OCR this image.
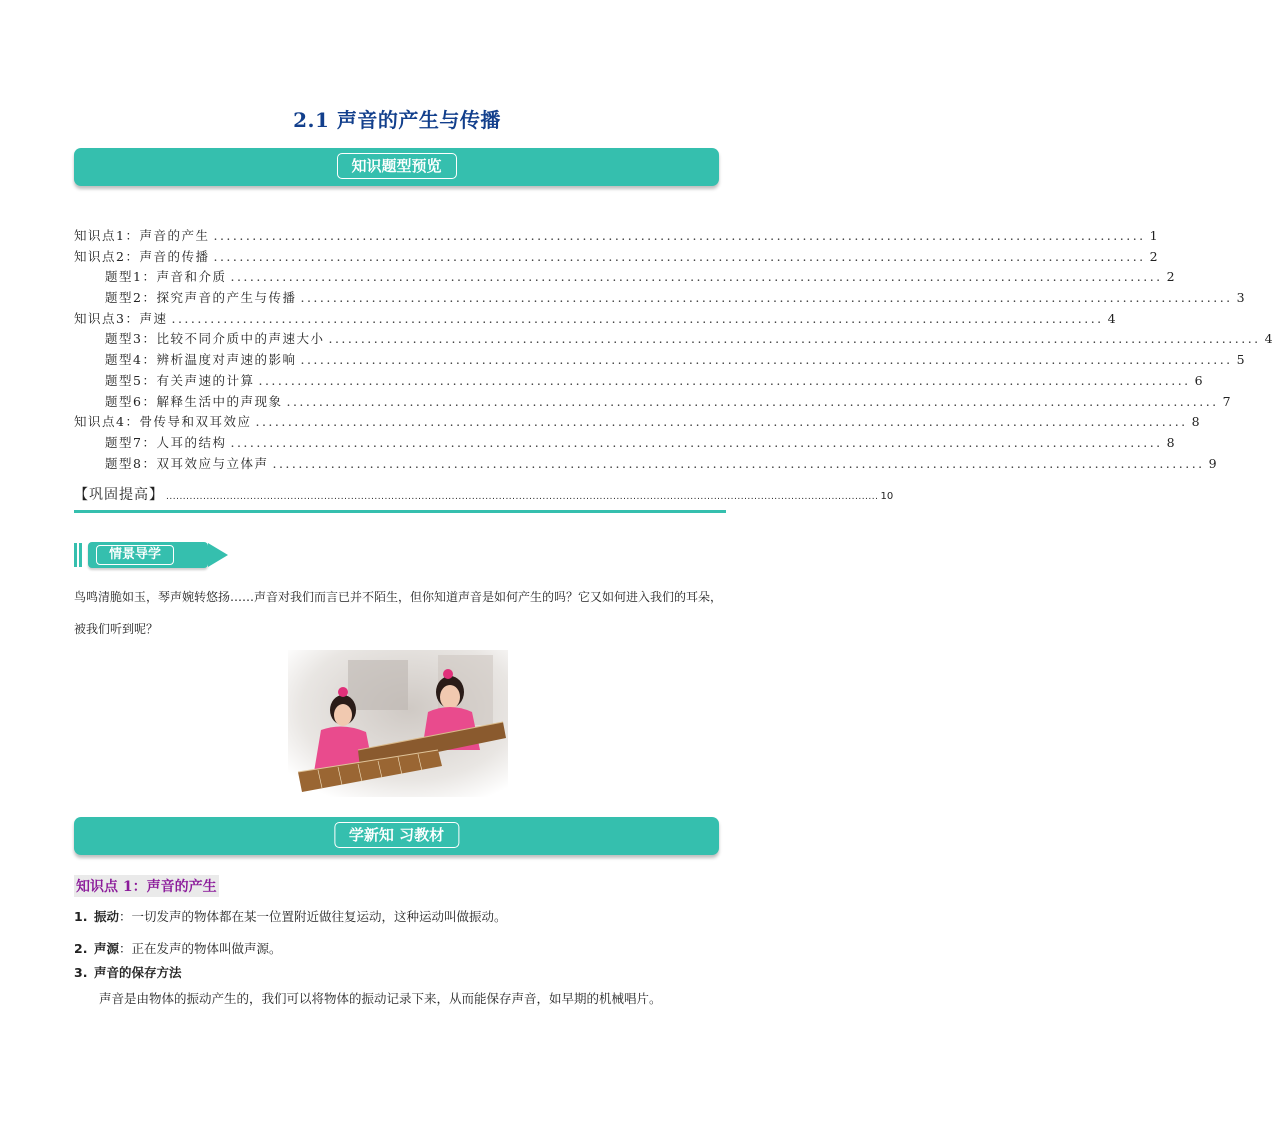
2.1 声音的产生与传播
知识题型预览
知识点1：声音的产生 ................................................................................................................................................ 1
知识点2：声音的传播 ................................................................................................................................................ 2
题型1：声音和介质 ................................................................................................................................................ 2
题型2：探究声音的产生与传播 ................................................................................................................................................ 3
知识点3：声速 ................................................................................................................................................ 4
题型3：比较不同介质中的声速大小 ................................................................................................................................................ 4
题型4：辨析温度对声速的影响 ................................................................................................................................................ 5
题型5：有关声速的计算 ................................................................................................................................................ 6
题型6：解释生活中的声现象 ................................................................................................................................................ 7
知识点4：骨传导和双耳效应 ................................................................................................................................................ 8
题型7：人耳的结构 ................................................................................................................................................ 8
题型8：双耳效应与立体声 ................................................................................................................................................ 9
【巩固提高】 .................................................................................................................................................................................................................... 10
情景导学
鸟鸣清脆如玉，琴声婉转悠扬……声音对我们而言已并不陌生，但你知道声音是如何产生的吗？它又如何进入我们的耳朵，被我们听到呢？
学新知 习教材
知识点 1：声音的产生
1. 振动：一切发声的物体都在某一位置附近做往复运动，这种运动叫做振动。
2. 声源：正在发声的物体叫做声源。
3. 声音的保存方法
声音是由物体的振动产生的，我们可以将物体的振动记录下来，从而能保存声音，如早期的机械唱片。
